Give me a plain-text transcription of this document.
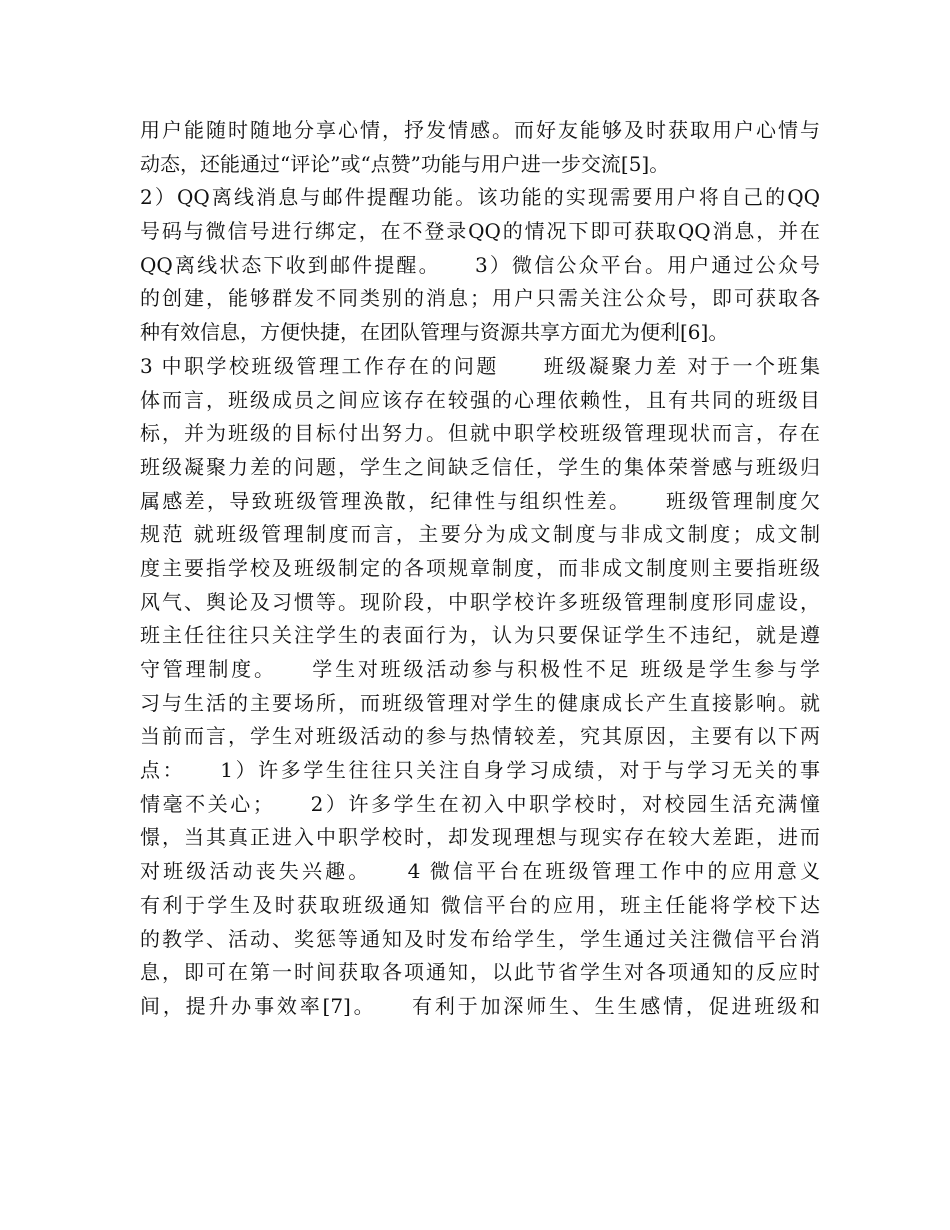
用户能随时随地分享心情，抒发情感。而好友能够及时获取用户心情与
动态，还能通过“评论”或“点赞”功能与用户进一步交流[5]。
2）QQ离线消息与邮件提醒功能。该功能的实现需要用户将自己的QQ
号码与微信号进行绑定，在不登录QQ的情况下即可获取QQ消息，并在
QQ离线状态下收到邮件提醒。　　3）微信公众平台。用户通过公众号
的创建，能够群发不同类别的消息；用户只需关注公众号，即可获取各
种有效信息，方便快捷，在团队管理与资源共享方面尤为便利[6]。
3 中职学校班级管理工作存在的问题　　班级凝聚力差 对于一个班集
体而言，班级成员之间应该存在较强的心理依赖性，且有共同的班级目
标，并为班级的目标付出努力。但就中职学校班级管理现状而言，存在
班级凝聚力差的问题，学生之间缺乏信任，学生的集体荣誉感与班级归
属感差，导致班级管理涣散，纪律性与组织性差。　　班级管理制度欠
规范 就班级管理制度而言，主要分为成文制度与非成文制度；成文制
度主要指学校及班级制定的各项规章制度，而非成文制度则主要指班级
风气、舆论及习惯等。现阶段，中职学校许多班级管理制度形同虚设，
班主任往往只关注学生的表面行为，认为只要保证学生不违纪，就是遵
守管理制度。　　学生对班级活动参与积极性不足 班级是学生参与学
习与生活的主要场所，而班级管理对学生的健康成长产生直接影响。就
当前而言，学生对班级活动的参与热情较差，究其原因，主要有以下两
点：　　1）许多学生往往只关注自身学习成绩，对于与学习无关的事
情毫不关心；　　2）许多学生在初入中职学校时，对校园生活充满憧
憬，当其真正进入中职学校时，却发现理想与现实存在较大差距，进而
对班级活动丧失兴趣。　　4 微信平台在班级管理工作中的应用意义
有利于学生及时获取班级通知 微信平台的应用，班主任能将学校下达
的教学、活动、奖惩等通知及时发布给学生，学生通过关注微信平台消
息，即可在第一时间获取各项通知，以此节省学生对各项通知的反应时
间，提升办事效率[7]。　　有利于加深师生、生生感情，促进班级和
